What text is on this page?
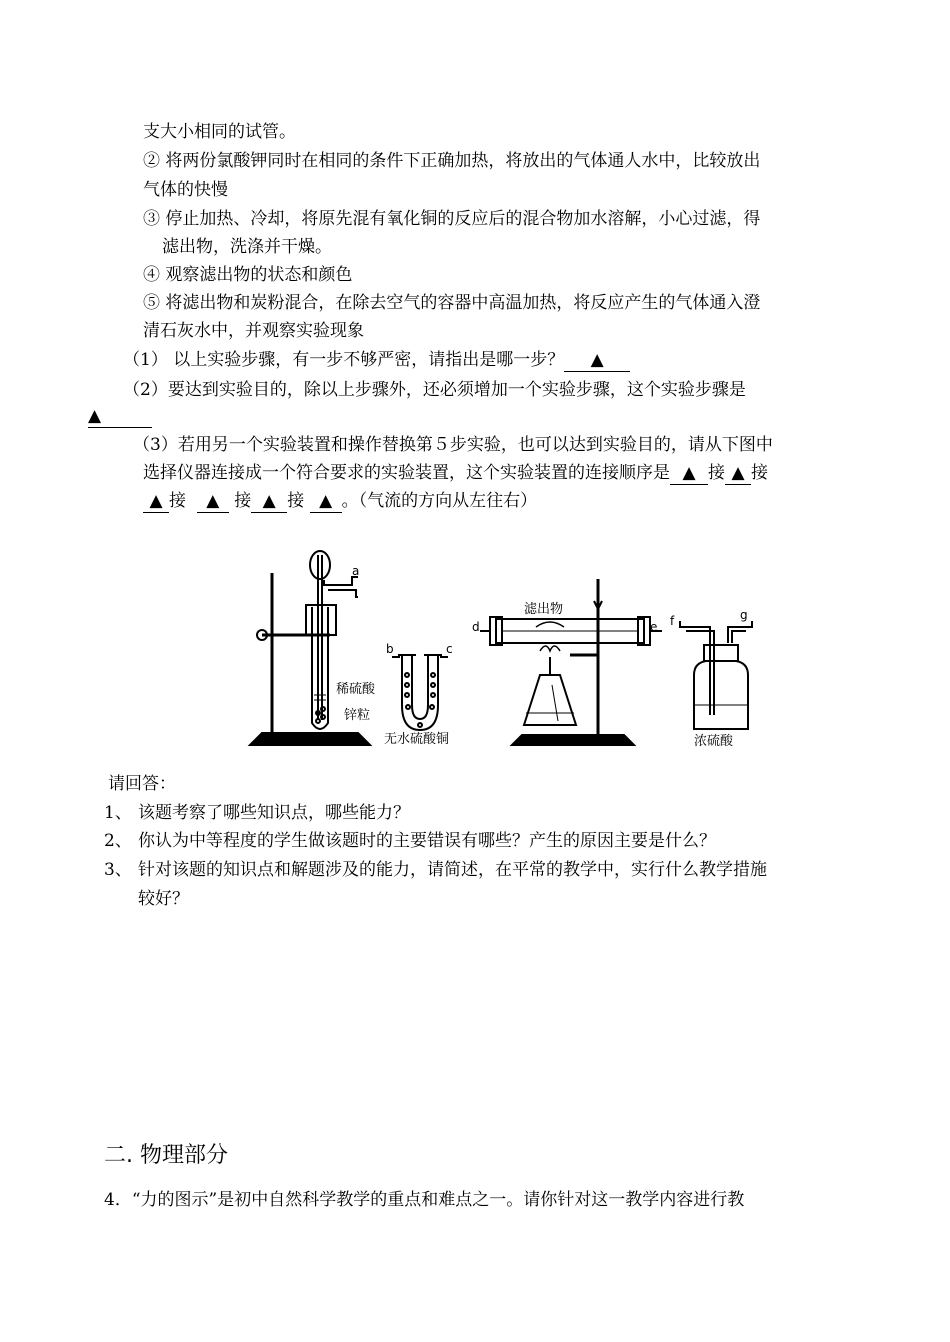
支大小相同的试管。
② 将两份氯酸钾同时在相同的条件下正确加热，将放出的气体通人水中，比较放出
气体的快慢
③ 停止加热、冷却，将原先混有氧化铜的反应后的混合物加水溶解，小心过滤，得
滤出物，洗涤并干燥。
④ 观察滤出物的状态和颜色
⑤ 将滤出物和炭粉混合，在除去空气的容器中高温加热，将反应产生的气体通入澄
清石灰水中，并观察实验现象
（1） 以上实验步骤，有一步不够严密，请指出是哪一步？ ▲
（2）要达到实验目的，除以上步骤外，还必须增加一个实验步骤，这个实验步骤是
▲
（3）若用另一个实验装置和操作替换第５步实验，也可以达到实验目的，请从下图中
选择仪器连接成一个符合要求的实验装置，这个实验装置的连接顺序是 ▲ 接 ▲ 接
▲ 接 ▲ 接 ▲ 接 ▲ 。（气流的方向从左往右）
a
稀硫酸
锌粒
b	c
无水硫酸铜
d	e
滤出物
f	g
浓硫酸
请回答：
1、 该题考察了哪些知识点，哪些能力？
2、 你认为中等程度的学生做该题时的主要错误有哪些？产生的原因主要是什么？
3、 针对该题的知识点和解题涉及的能力，请简述，在平常的教学中，实行什么教学措施
较好？
二. 物理部分
4．“力的图示”是初中自然科学教学的重点和难点之一。请你针对这一教学内容进行教
